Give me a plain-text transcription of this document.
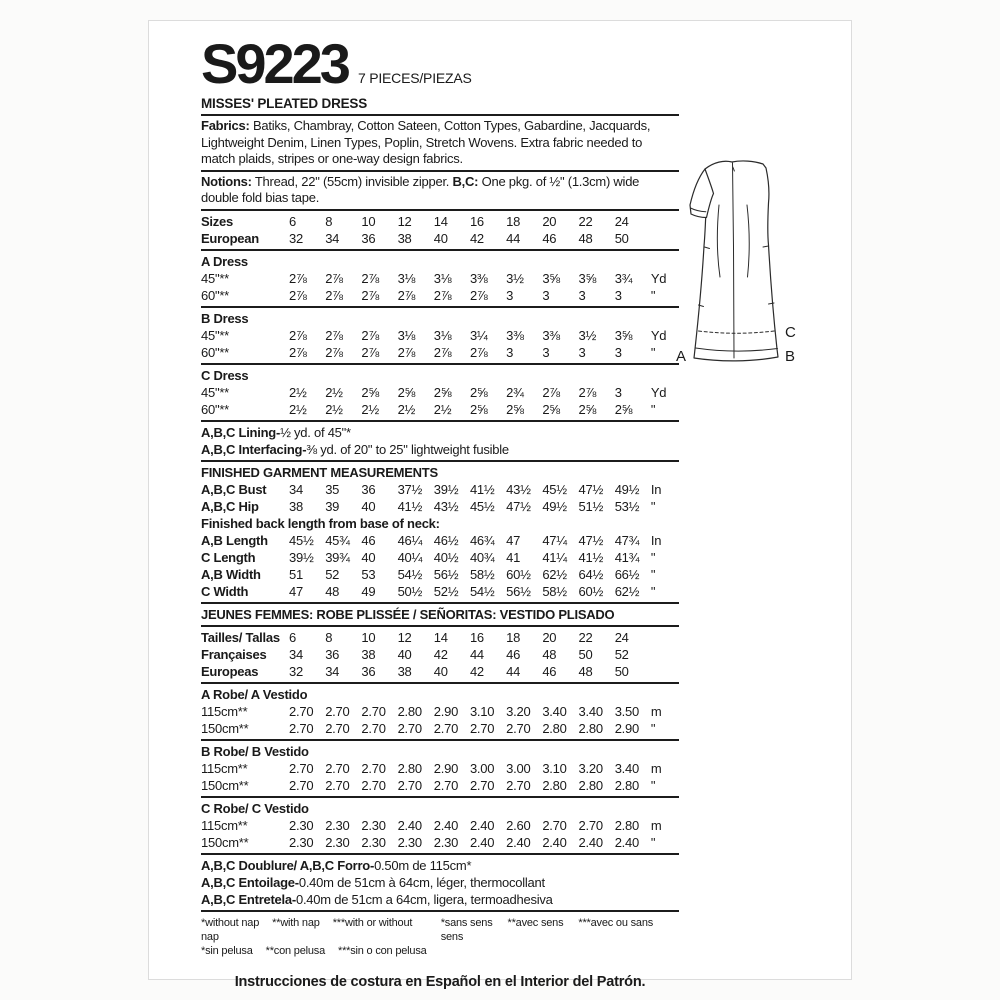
S9223 7 PIECES/PIEZAS
MISSES' PLEATED DRESS
Fabrics: Batiks, Chambray, Cotton Sateen, Cotton Types, Gabardine, Jacquards, Lightweight Denim, Linen Types, Poplin, Stretch Wovens. Extra fabric needed to match plaids, stripes or one-way design fabrics.
Notions: Thread, 22" (55cm) invisible zipper. B,C: One pkg. of ½" (1.3cm) wide double fold bias tape.
Sizes	6	8	10	12	14	16	18	20	22	24
European	32	34	36	38	40	42	44	46	48	50
A Dress
45"**	2⅞	2⅞	2⅞	3⅛	3⅛	3⅜	3½	3⅝	3⅝	3¾	Yd
60"**	2⅞	2⅞	2⅞	2⅞	2⅞	2⅞	3	3	3	3	"
B Dress
45"**	2⅞	2⅞	2⅞	3⅛	3⅛	3¼	3⅜	3⅜	3½	3⅝	Yd
60"**	2⅞	2⅞	2⅞	2⅞	2⅞	2⅞	3	3	3	3	"
C Dress
45"**	2½	2½	2⅝	2⅝	2⅝	2⅝	2¾	2⅞	2⅞	3	Yd
60"**	2½	2½	2½	2½	2½	2⅝	2⅝	2⅝	2⅝	2⅝	"
A,B,C Lining- ½ yd. of 45"*
A,B,C Interfacing- ⅜ yd. of 20" to 25" lightweight fusible
FINISHED GARMENT MEASUREMENTS
A,B,C Bust	34	35	36	37½ 39½ 41½ 43½ 45½ 47½ 49½ In
A,B,C Hip	38	39	40	41½ 43½ 45½ 47½ 49½ 51½ 53½ "
Finished back length from base of neck:
A,B Length	45½ 45¾ 46	46¼ 46½ 46¾ 47	47¼ 47½ 47¾ In
C Length	39½ 39¾ 40	40¼ 40½ 40¾ 41	41¼ 41½ 41¾ "
A,B Width	51	52	53	54½ 56½ 58½ 60½ 62½ 64½ 66½ "
C Width	47	48	49	50½ 52½ 54½ 56½ 58½ 60½ 62½ "
JEUNES FEMMES: ROBE PLISSÉE / SEÑORITAS: VESTIDO PLISADO
Tailles/ Tallas 6	8	10	12	14	16	18	20	22	24
Françaises	34	36	38	40	42	44	46	48	50	52
Europeas	32	34	36	38	40	42	44	46	48	50
A Robe/ A Vestido
115cm**	2.70 2.70 2.70 2.80 2.90 3.10 3.20 3.40 3.40 3.50 m
150cm**	2.70 2.70 2.70 2.70 2.70 2.70 2.70 2.80 2.80 2.90 "
B Robe/ B Vestido
115cm**	2.70 2.70 2.70 2.80 2.90 3.00 3.00 3.10 3.20 3.40 m
150cm**	2.70 2.70 2.70 2.70 2.70 2.70 2.70 2.80 2.80 2.80 "
C Robe/ C Vestido
115cm**	2.30 2.30 2.30 2.40 2.40 2.40 2.60 2.70 2.70 2.80 m
150cm**	2.30 2.30 2.30 2.30 2.30 2.40 2.40 2.40 2.40 2.40 "
A,B,C Doublure/ A,B,C Forro- 0.50m de 115cm*
A,B,C Entoilage- 0.40m de 51cm à 64cm, léger, thermocollant
A,B,C Entretela- 0.40m de 51cm a 64cm, ligera, termoadhesiva
*without nap **with nap ***with or without nap
*sin pelusa **con pelusa ***sin o con pelusa
*sans sens **avec sens ***avec ou sans sens
Instrucciones de costura en Español en el Interior del Patrón.
A
C
B
